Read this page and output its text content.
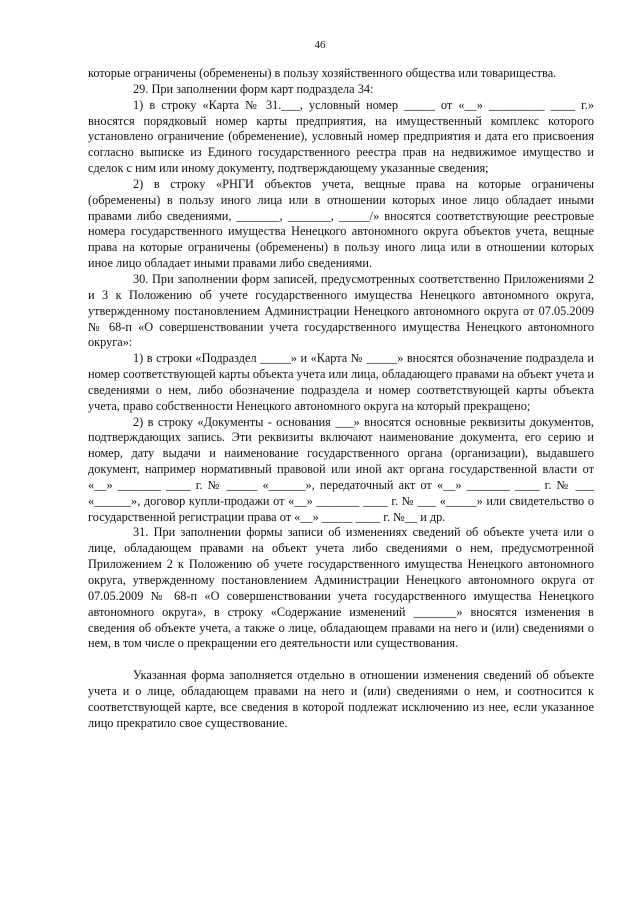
46

которые ограничены (обременены) в пользу хозяйственного общества или товарищества.

29. При заполнении форм карт подраздела 34:

1) в строку «Карта № 31.___, условный номер _____ от «__» _________ ____ г.» вносятся порядковый номер карты предприятия, на имущественный комплекс которого установлено ограничение (обременение), условный номер предприятия и дата его присвоения согласно выписке из Единого государственного реестра прав на недвижимое имущество и сделок с ним или иному документу, подтверждающему указанные сведения;

2) в строку «РНГИ объектов учета, вещные права на которые ограничены (обременены) в пользу иного лица или в отношении которых иное лицо обладает иными правами либо сведениями, _______, _______, _____/» вносятся соответствующие реестровые номера государственного имущества Ненецкого автономного округа объектов учета, вещные права на которые ограничены (обременены) в пользу иного лица или в отношении которых иное лицо обладает иными правами либо сведениями.

30. При заполнении форм записей, предусмотренных соответственно Приложениями 2 и 3 к Положению об учете государственного имущества Ненецкого автономного округа, утвержденному постановлением Администрации Ненецкого автономного округа от 07.05.2009 № 68-п «О совершенствовании учета государственного имущества Ненецкого автономного округа»:

1) в строки «Подраздел _____» и «Карта № _____» вносятся обозначение подраздела и номер соответствующей карты объекта учета или лица, обладающего правами на объект учета и сведениями о нем, либо обозначение подраздела и номер соответствующей карты объекта учета, право собственности Ненецкого автономного округа на который прекращено;

2) в строку «Документы - основания ___» вносятся основные реквизиты документов, подтверждающих запись. Эти реквизиты включают наименование документа, его серию и номер, дату выдачи и наименование государственного органа (организации), выдавшего документ, например нормативный правовой или иной акт органа государственной власти от «__» _______ ____ г. № _____ «______», передаточный акт от «__» _______ ____ г. № ___ «______», договор купли-продажи от «__» _______ ____ г. № ___ «_____» или свидетельство о государственной регистрации права от «__» _____ ____ г. №__ и др.

31. При заполнении формы записи об изменениях сведений об объекте учета или о лице, обладающем правами на объект учета либо сведениями о нем, предусмотренной Приложением 2 к Положению об учете государственного имущества Ненецкого автономного округа, утвержденному постановлением Администрации Ненецкого автономного округа от 07.05.2009 № 68-п «О совершенствовании учета государственного имущества Ненецкого автономного округа», в строку «Содержание изменений _______» вносятся изменения в сведения об объекте учета, а также о лице, обладающем правами на него и (или) сведениями о нем, в том числе о прекращении его деятельности или существования.

Указанная форма заполняется отдельно в отношении изменения сведений об объекте учета и о лице, обладающем правами на него и (или) сведениями о нем, и соотносится к соответствующей карте, все сведения в которой подлежат исключению из нее, если указанное лицо прекратило свое существование.
